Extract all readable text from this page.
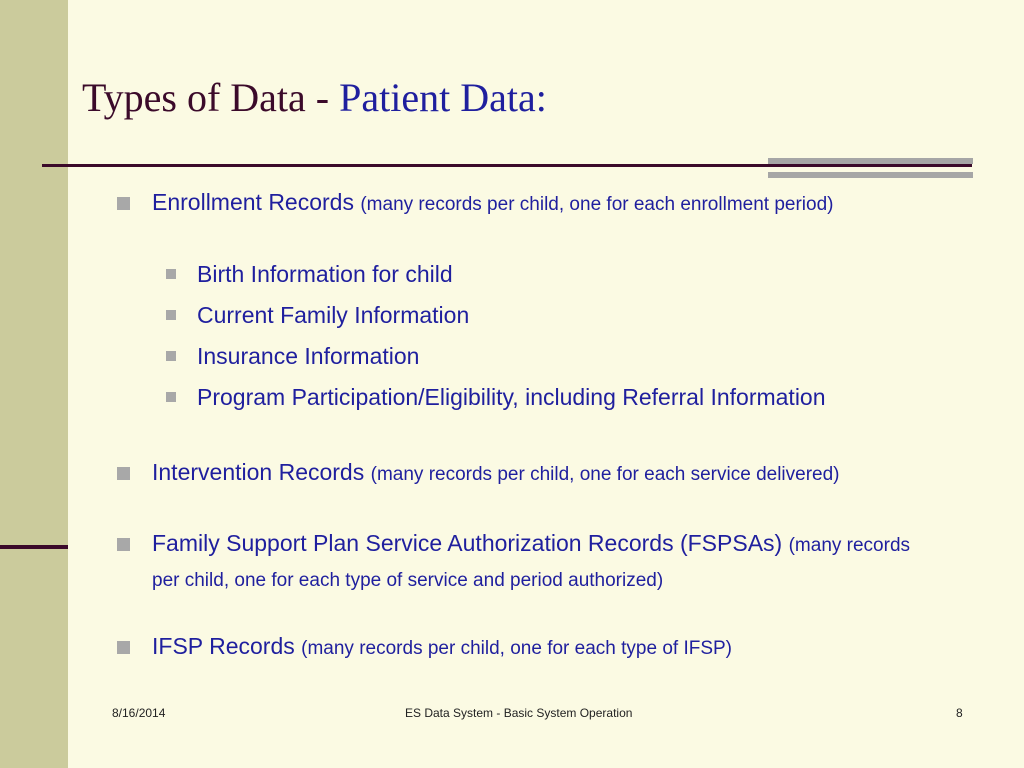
Types of Data - Patient Data:
Enrollment Records (many records per child, one for each enrollment period)
Birth Information for child
Current Family Information
Insurance Information
Program Participation/Eligibility, including Referral Information
Intervention Records (many records per child, one for each service delivered)
Family Support Plan Service Authorization Records (FSPSAs) (many records per child, one for each type of service and period authorized)
IFSP Records (many records per child, one for each type of IFSP)
8/16/2014	ES Data System - Basic System Operation	8
